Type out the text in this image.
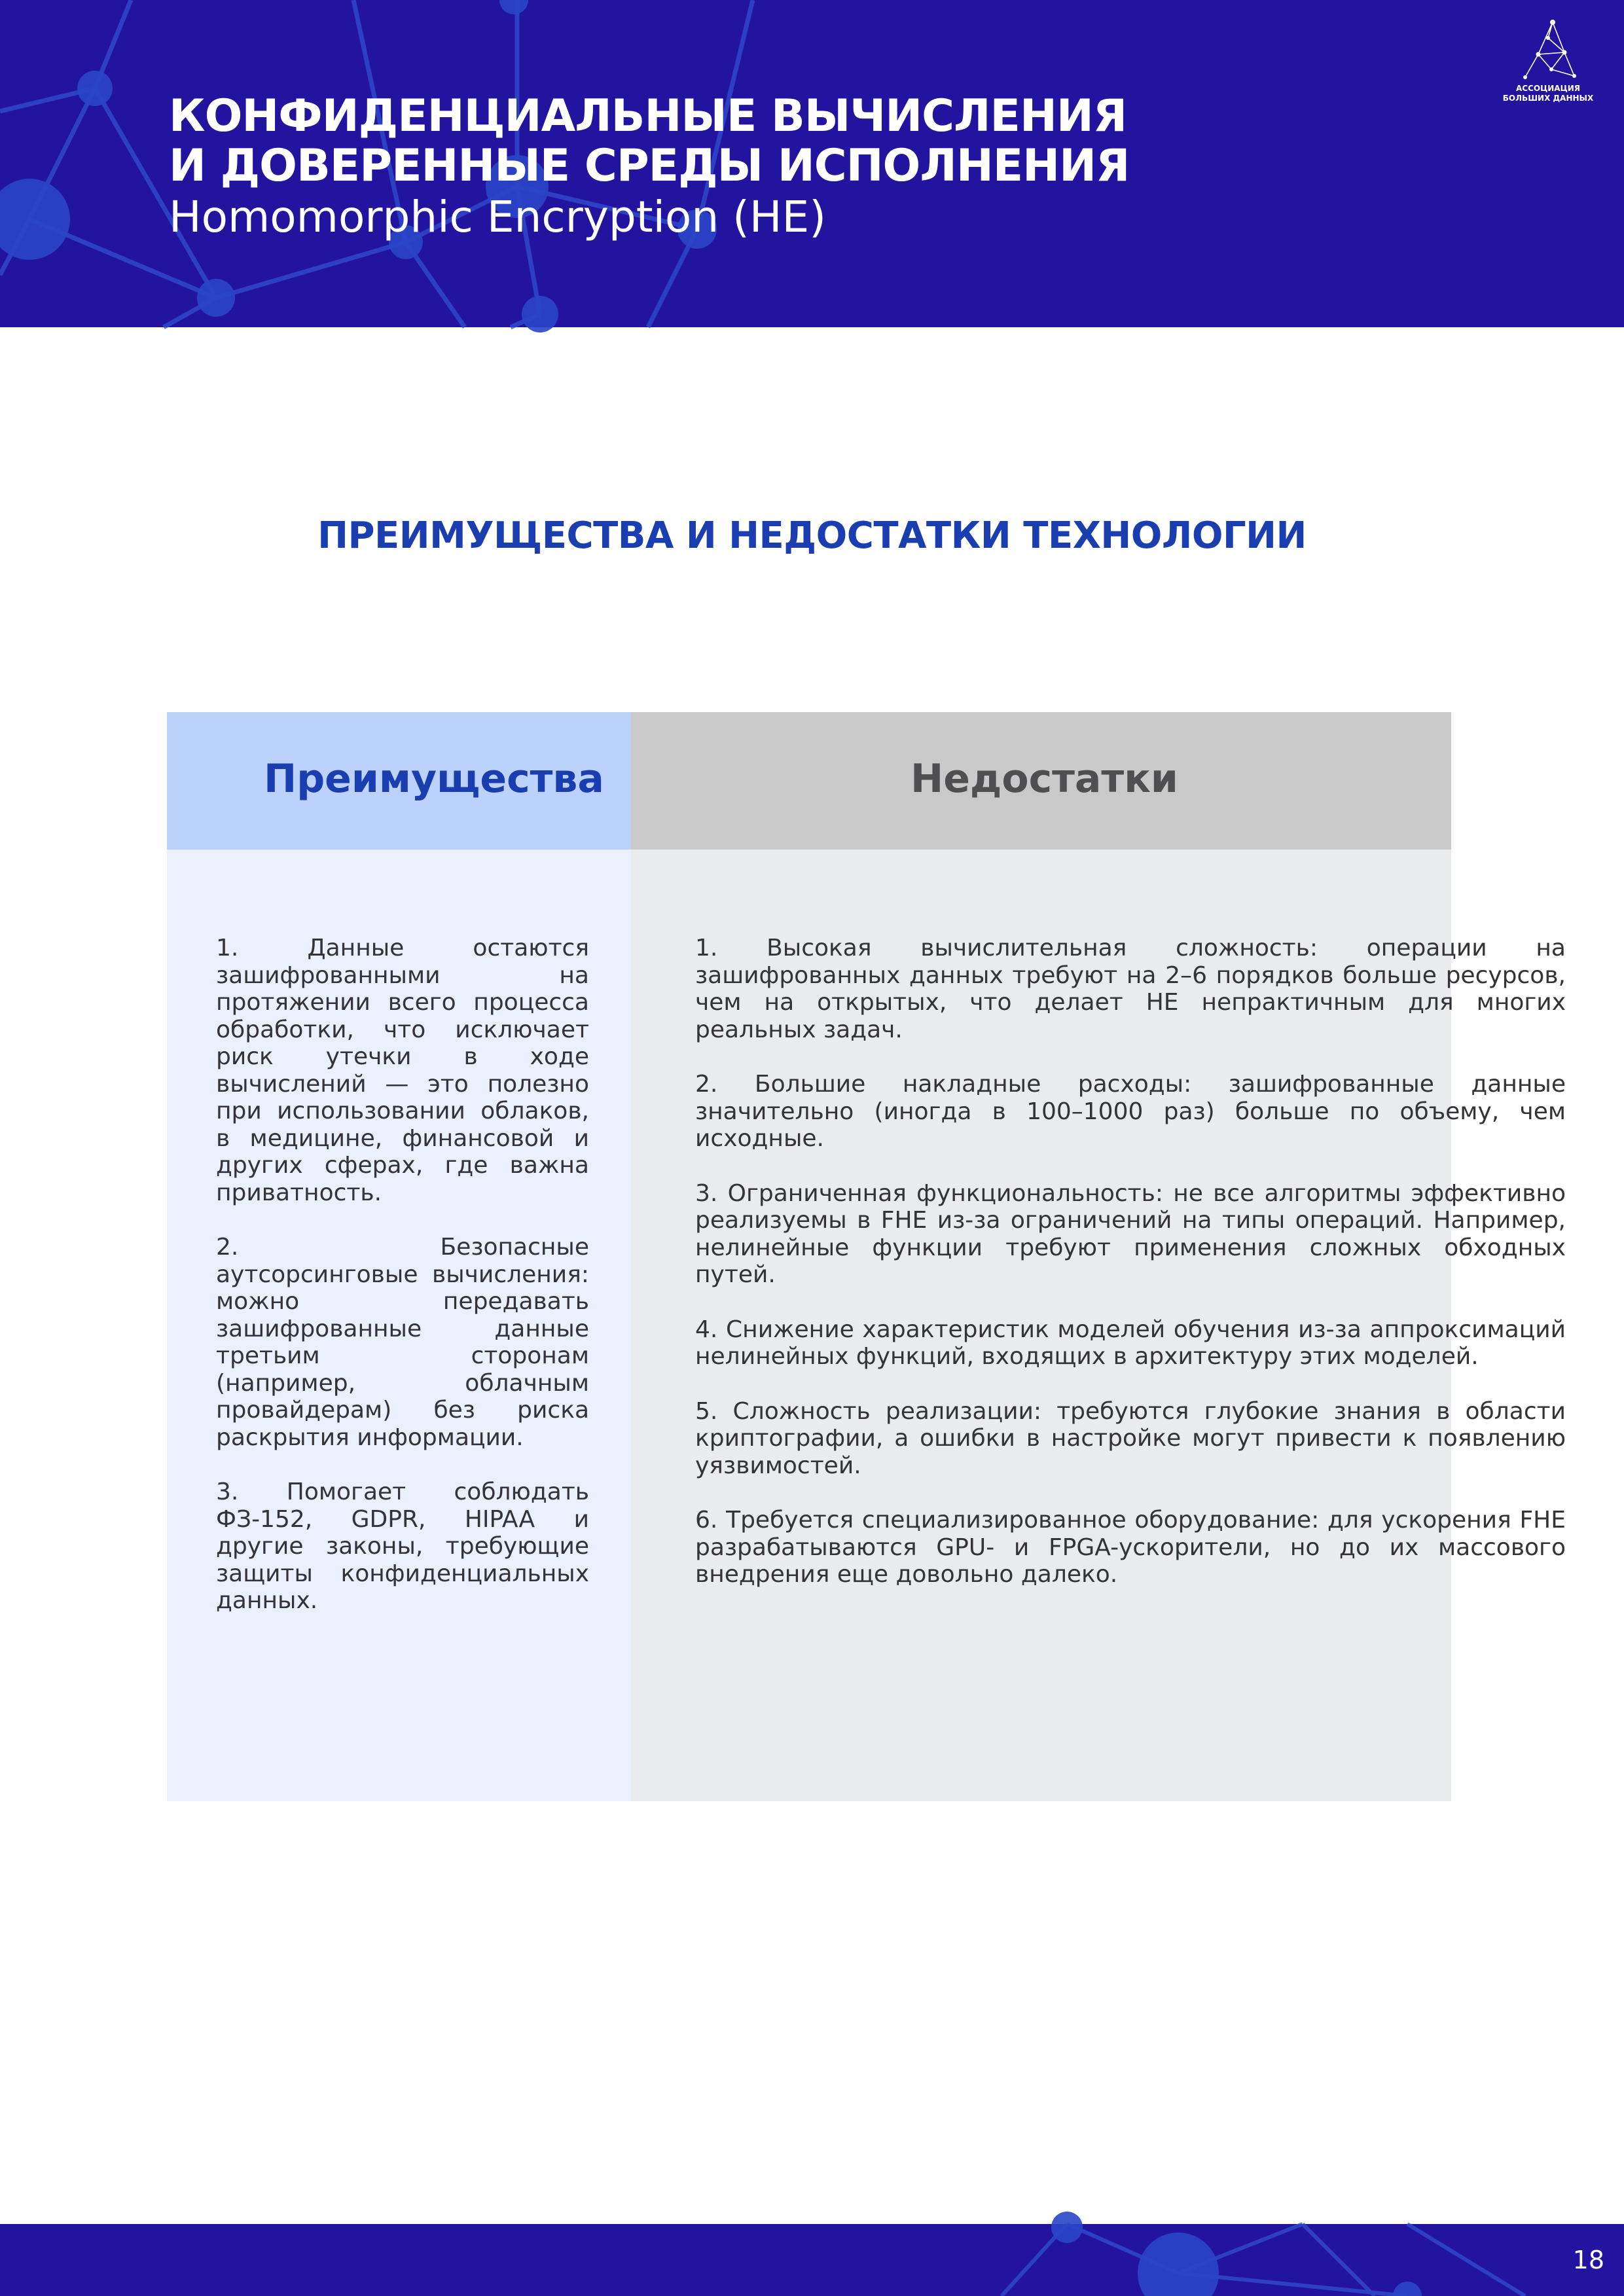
КОНФИДЕНЦИАЛЬНЫЕ ВЫЧИСЛЕНИЯ
И ДОВЕРЕННЫЕ СРЕДЫ ИСПОЛНЕНИЯ
Homomorphic Encryption (HE)
АССОЦИАЦИЯ
БОЛЬШИХ ДАННЫХ
ПРЕИМУЩЕСТВА И НЕДОСТАТКИ ТЕХНОЛОГИИ
Преимущества	Недостатки

1. Данные остаются зашифрованными на протяжении всего процесса обработки, что исключает риск утечки в ходе вычислений — это полезно при использовании облаков, в медицине, финансовой и других сферах, где важна приватность.

2. Безопасные аутсорсинговые вычисления: можно передавать зашифрованные данные третьим сторонам (например, облачным провайдерам) без риска раскрытия информации.

3. Помогает соблюдать ФЗ-152, GDPR, HIPAA и другие законы, требующие защиты конфиденциальных данных.

1. Высокая вычислительная сложность: операции на зашифрованных данных требуют на 2–6 порядков больше ресурсов, чем на открытых, что делает HE непрактичным для многих реальных задач.

2. Большие накладные расходы: зашифрованные данные значительно (иногда в 100–1000 раз) больше по объему, чем исходные.

3. Ограниченная функциональность: не все алгоритмы эффективно реализуемы в FHE из-за ограничений на типы операций. Например, нелинейные функции требуют применения сложных обходных путей.

4. Снижение характеристик моделей обучения из-за аппроксимаций нелинейных функций, входящих в архитектуру этих моделей.

5. Сложность реализации: требуются глубокие знания в области криптографии, а ошибки в настройке могут привести к появлению уязвимостей.

6. Требуется специализированное оборудование: для ускорения FHE разрабатываются GPU- и FPGA-ускорители, но до их массового внедрения еще довольно далеко.

18
